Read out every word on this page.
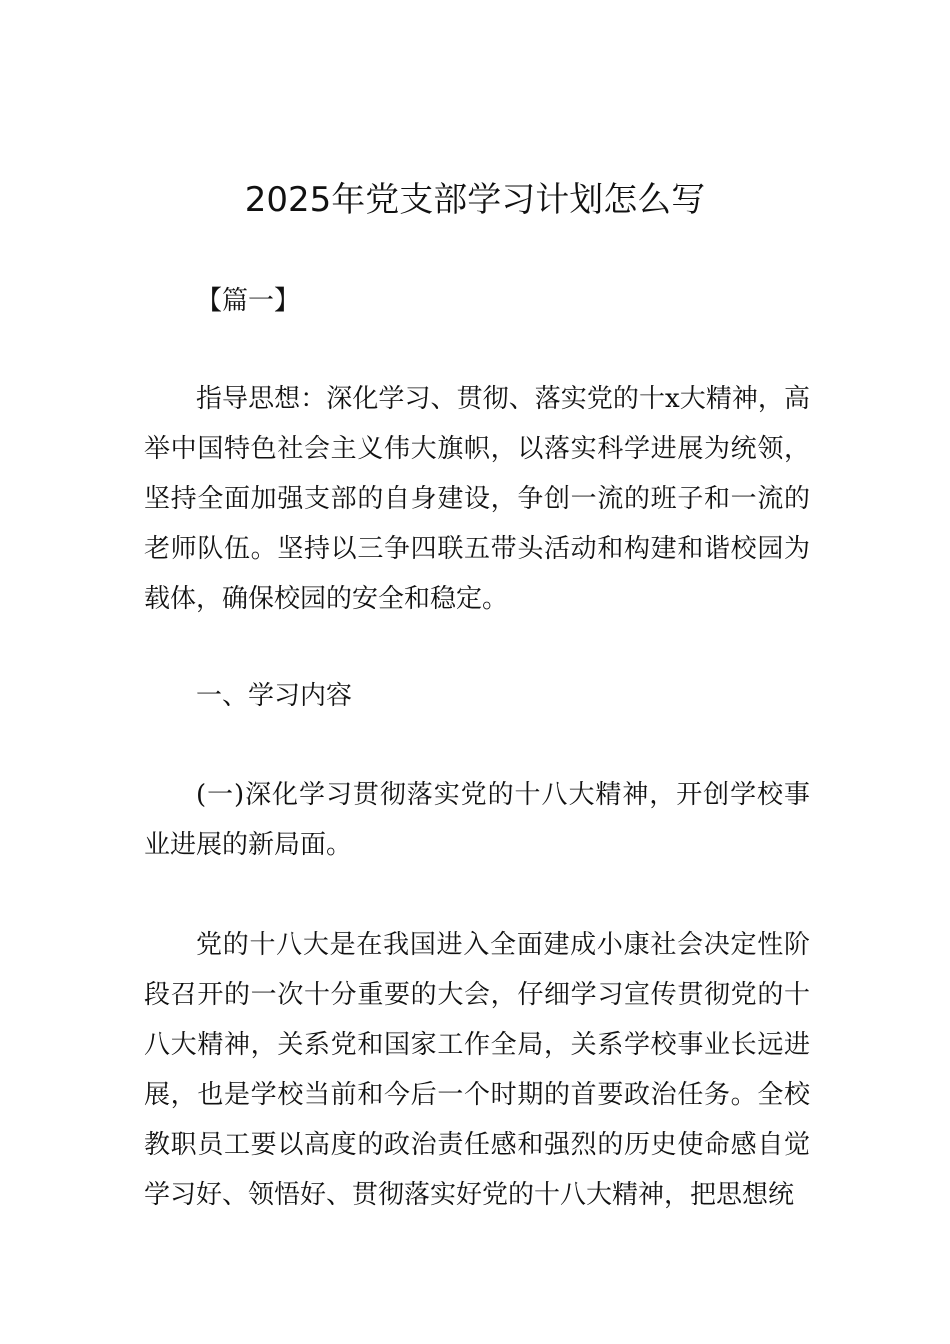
2025年党支部学习计划怎么写

【篇一】

指导思想：深化学习、贯彻、落实党的十x大精神，高举中国特色社会主义伟大旗帜，以落实科学进展为统领，坚持全面加强支部的自身建设，争创一流的班子和一流的老师队伍。坚持以三争四联五带头活动和构建和谐校园为载体，确保校园的安全和稳定。

一、学习内容

(一)深化学习贯彻落实党的十八大精神，开创学校事业进展的新局面。

党的十八大是在我国进入全面建成小康社会决定性阶段召开的一次十分重要的大会，仔细学习宣传贯彻党的十八大精神，关系党和国家工作全局，关系学校事业长远进展，也是学校当前和今后一个时期的首要政治任务。全校教职员工要以高度的政治责任感和强烈的历史使命感自觉学习好、领悟好、贯彻落实好党的十八大精神，把思想统
